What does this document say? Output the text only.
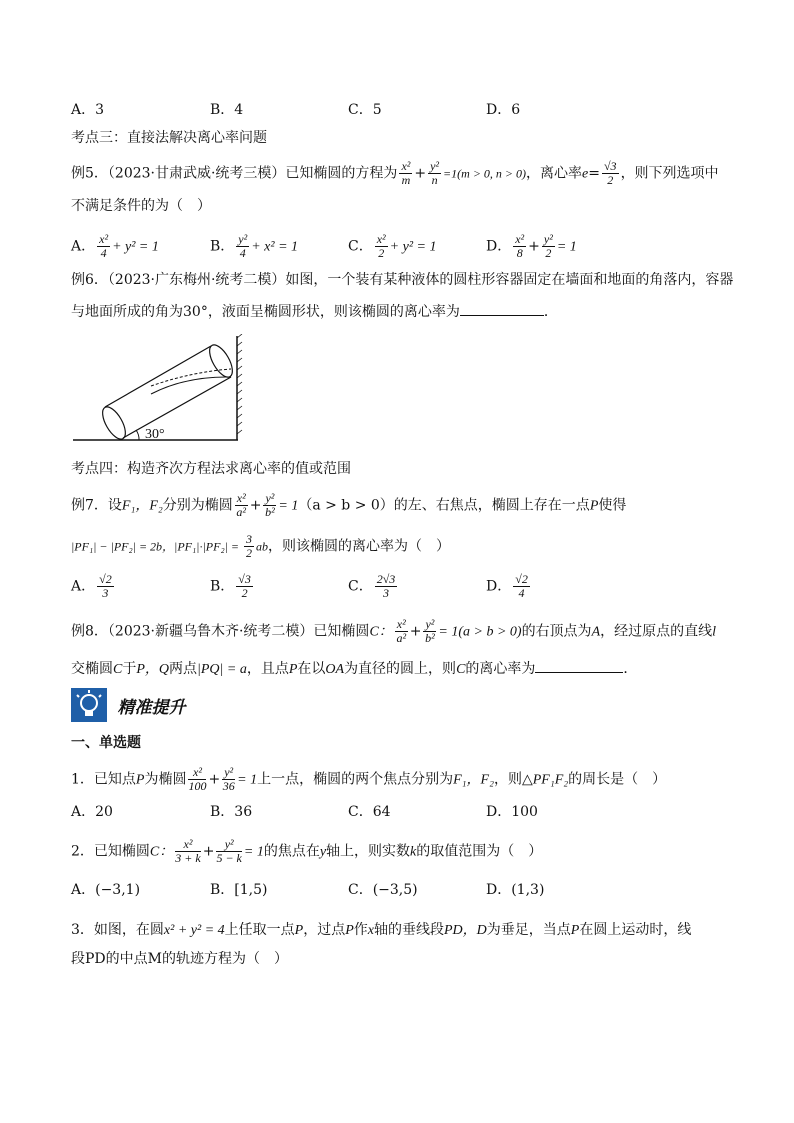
A．3	B．4	C．5	D．6
考点三：直接法解决离心率问题
例5．（2023·甘肃武威·统考三模）已知椭圆的方程为 $\frac{\text{x²}}{m} + \frac{\text{y²}}{n} =1(m > 0$, n > 0)，离心率$e= \frac{√3}{2}$ ，则下列选项中
不满足条件的为（　）
A． $\frac{\text{x²}}{4} + y^2 = 1$	B． $\frac{\text{y²}}{4} + x^2 = 1$	C． $\frac{\text{x²}}{2} + y^2 = 1$	D． $\frac{\text{x²}}{8} + \frac{\text{y²}}{2} = 1$
例6．（2023·广东梅州·统考二模）如图，一个装有某种液体的圆柱形容器固定在墙面和地面的角落内，容器
与地面所成的角为30°，液面呈椭圆形状，则该椭圆的离心率为	．
30°
考点四：构造齐次方程法求离心率的值或范围
例7．设F₁，F₂分别为椭圆 $\frac{\text{x²}}{\text{a²}} + \frac{\text{y²}}{\text{b²}} = 1(a > b > 0)$的左、右焦点，椭圆上存在一点P使得
|PF₁| − |PF₂| = 2b，$|PF_1|\cdot|PF_2| = \frac{3}{2}$ ab，则该椭圆的离心率为（　）
A． $\frac{√2}{3}$	B． $\frac{√3}{2}$	C． $\frac{2√3}{3}$	D． $\frac{√2}{4}$
例8．（2023·新疆乌鲁木齐·统考二模）已知椭圆C： $\frac{\text{x²}}{\text{a²}} + \frac{\text{y²}}{\text{b²}} = 1(a > b > 0)$的右顶点为A，经过原点的直线l
交椭圆C于P，Q两点|PQ| = a，且点P在以OA为直径的圆上，则C的离心率为	．
精准提升
一、单选题
1．已知点P为椭圆 $\frac{\text{x²}}{100} + \frac{\text{y²}}{36} = 1$上一点，椭圆的两个焦点分别为F₁，F₂，则△PF₁F₂的周长是（　）
A．20	B．36	C．64	D．100
2．已知椭圆C： $\frac{\text{x²}}{3 + k} + \frac{\text{y²}}{5 - k} = 1$的焦点在y轴上，则实数k的取值范围为（　）
A．(−3,1)	B．[1,5)	C．(−3,5)	D．(1,3)
3．如图，在圆x² + y² = 4上任取一点P，过点P作x轴的垂线段PD，D为垂足，当点P在圆上运动时，线
段PD的中点M的轨迹方程为（　）
